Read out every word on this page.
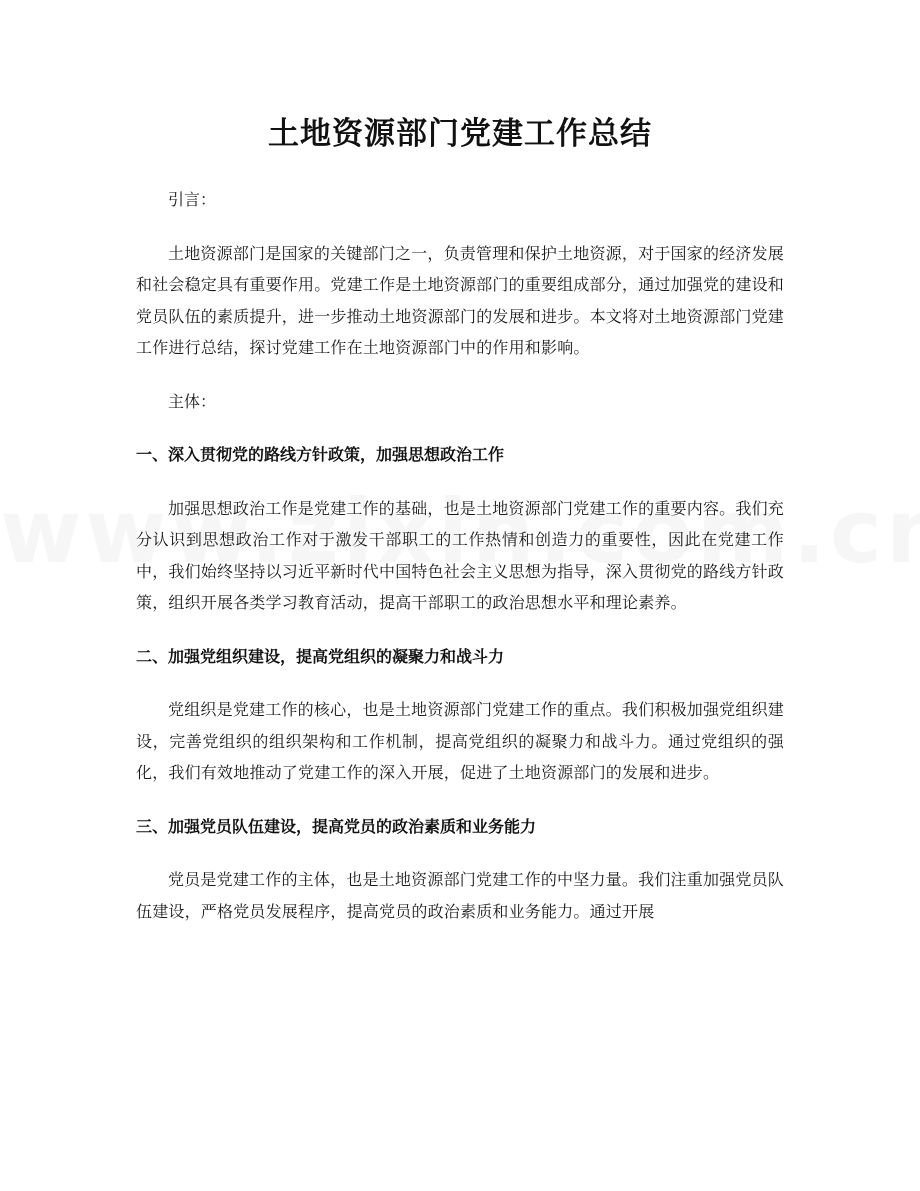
土地资源部门党建工作总结

引言：

土地资源部门是国家的关键部门之一，负责管理和保护土地资源，对于国家的经济发展和社会稳定具有重要作用。党建工作是土地资源部门的重要组成部分，通过加强党的建设和党员队伍的素质提升，进一步推动土地资源部门的发展和进步。本文将对土地资源部门党建工作进行总结，探讨党建工作在土地资源部门中的作用和影响。

主体：

一、深入贯彻党的路线方针政策，加强思想政治工作

加强思想政治工作是党建工作的基础，也是土地资源部门党建工作的重要内容。我们充分认识到思想政治工作对于激发干部职工的工作热情和创造力的重要性，因此在党建工作中，我们始终坚持以习近平新时代中国特色社会主义思想为指导，深入贯彻党的路线方针政策，组织开展各类学习教育活动，提高干部职工的政治思想水平和理论素养。

二、加强党组织建设，提高党组织的凝聚力和战斗力

党组织是党建工作的核心，也是土地资源部门党建工作的重点。我们积极加强党组织建设，完善党组织的组织架构和工作机制，提高党组织的凝聚力和战斗力。通过党组织的强化，我们有效地推动了党建工作的深入开展，促进了土地资源部门的发展和进步。

三、加强党员队伍建设，提高党员的政治素质和业务能力

党员是党建工作的主体，也是土地资源部门党建工作的中坚力量。我们注重加强党员队伍建设，严格党员发展程序，提高党员的政治素质和业务能力。通过开展
